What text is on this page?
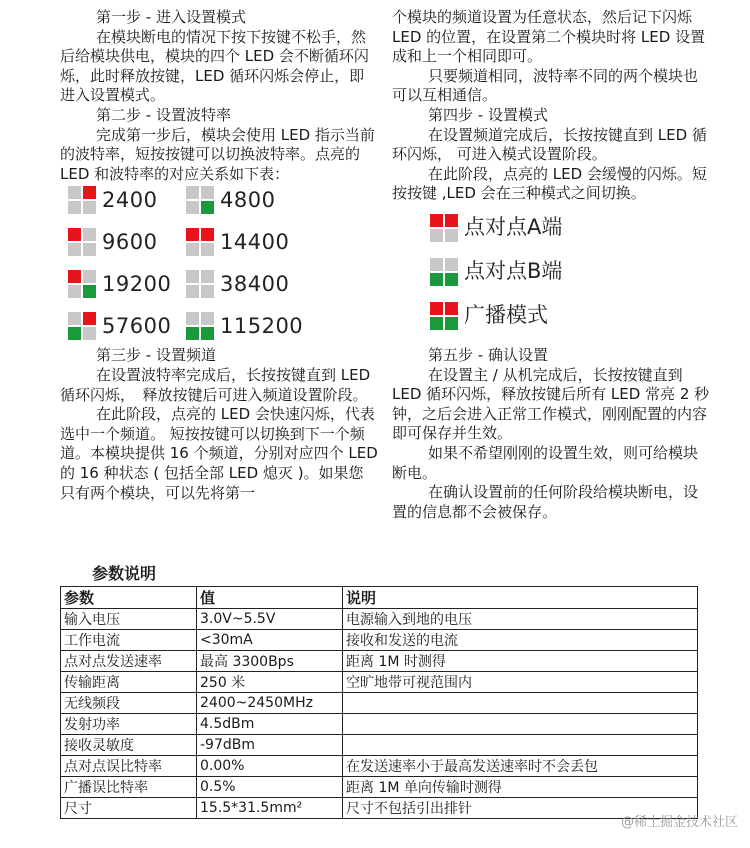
第一步 - 进入设置模式

在模块断电的情况下按下按键不松手，然后给模块供电，模块的四个 LED 会不断循环闪烁，此时释放按键，LED 循环闪烁会停止，即进入设置模式。

第二步 - 设置波特率

完成第一步后，模块会使用 LED 指示当前的波特率，短按按键可以切换波特率。点亮的 LED 和波特率的对应关系如下表：

2400	4800
9600	14400
19200 38400
57600 115200

第三步 - 设置频道

在设置波特率完成后，长按按键直到 LED 循环闪烁，　释放按键后可进入频道设置阶段。

在此阶段，点亮的 LED 会快速闪烁，代表选中一个频道。 短按按键可以切换到下一个频道。本模块提供 16 个频道，分别对应四个 LED 的 16 种状态 ( 包括全部 LED 熄灭 )。如果您只有两个模块，可以先将第一

个模块的频道设置为任意状态，然后记下闪烁 LED 的位置，在设置第二个模块时将 LED 设置成和上一个相同即可。

只要频道相同，波特率不同的两个模块也可以互相通信。

第四步 - 设置模式

在设置频道完成后，长按按键直到 LED 循环闪烁， 可进入模式设置阶段。

在此阶段，点亮的 LED 会缓慢的闪烁。短按按键 ,LED 会在三种模式之间切换。

点对点A端
点对点B端
广播模式

第五步 - 确认设置

在设置主 / 从机完成后，长按按键直到 LED 循环闪烁，释放按键后所有 LED 常亮 2 秒钟，之后会进入正常工作模式，刚刚配置的内容即可保存并生效。

如果不希望刚刚的设置生效，则可给模块断电。

在确认设置前的任何阶段给模块断电，设置的信息都不会被保存。

参数说明
参数	值	说明
输入电压	3.0V~5.5V	电源输入到地的电压
工作电流	<30mA	接收和发送的电流
点对点发送速率	最高 3300Bps	距离 1M 时测得
传输距离	250 米	空旷地带可视范围内
无线频段	2400~2450MHz	
发射功率	4.5dBm	
接收灵敏度	-97dBm	
点对点误比特率	0.00%	在发送速率小于最高发送速率时不会丢包
广播误比特率	0.5%	距离 1M 单向传输时测得
尺寸	15.5*31.5mm²	尺寸不包括引出排针
@稀土掘金技术社区
